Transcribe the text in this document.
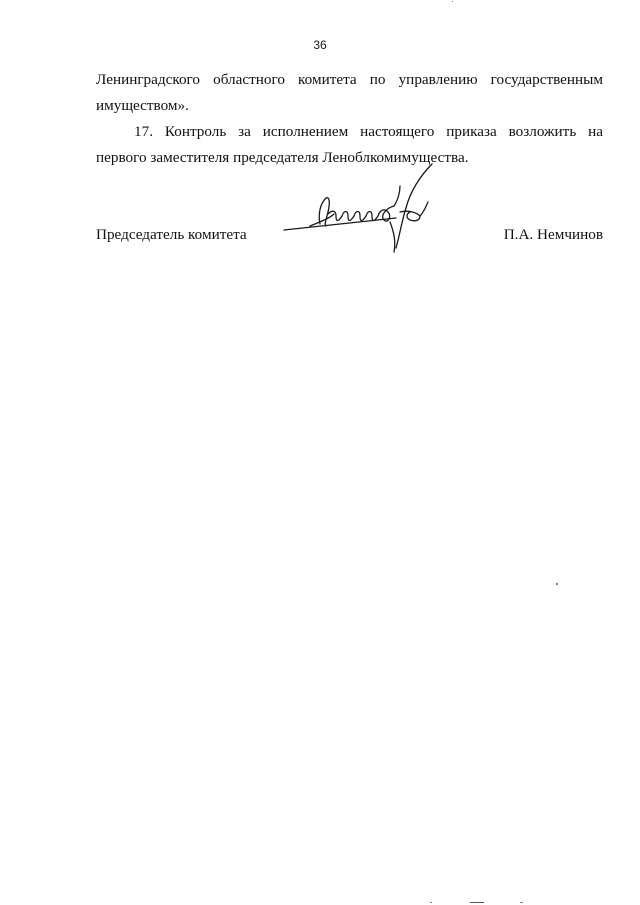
36
Ленинградского областного комитета по управлению государственным
имуществом».
17. Контроль за исполнением настоящего приказа возложить на
первого заместителя председателя Леноблкомимущества.
Председатель комитета	П.А. Немчинов
